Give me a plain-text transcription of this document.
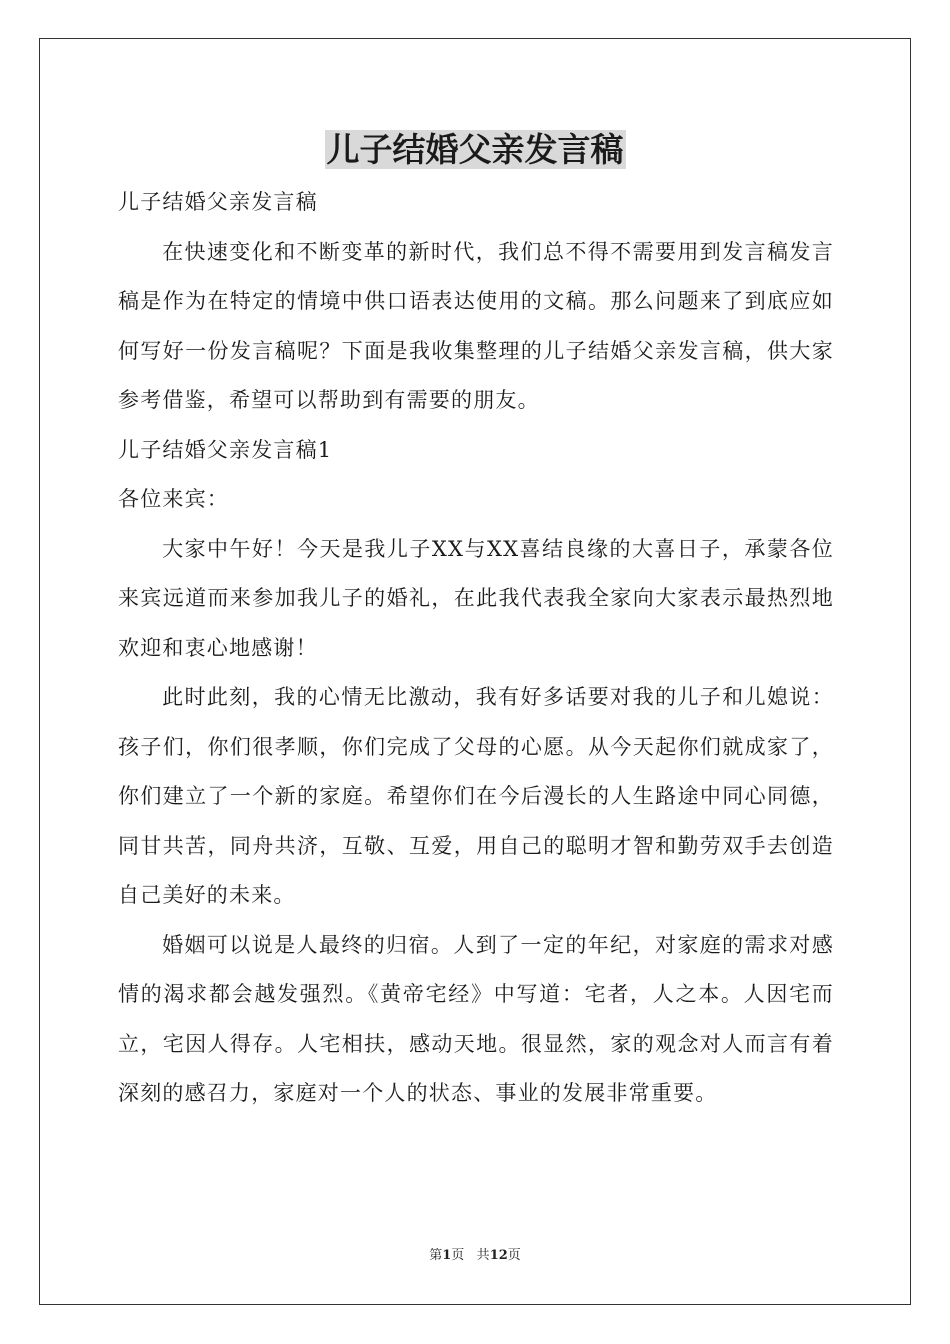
儿子结婚父亲发言稿

儿子结婚父亲发言稿

在快速变化和不断变革的新时代，我们总不得不需要用到发言稿发言稿是作为在特定的情境中供口语表达使用的文稿。那么问题来了到底应如何写好一份发言稿呢？下面是我收集整理的儿子结婚父亲发言稿，供大家参考借鉴，希望可以帮助到有需要的朋友。

儿子结婚父亲发言稿1

各位来宾：

大家中午好！今天是我儿子XX与XX喜结良缘的大喜日子，承蒙各位来宾远道而来参加我儿子的婚礼，在此我代表我全家向大家表示最热烈地欢迎和衷心地感谢！

此时此刻，我的心情无比激动，我有好多话要对我的儿子和儿媳说：孩子们，你们很孝顺，你们完成了父母的心愿。从今天起你们就成家了，你们建立了一个新的家庭。希望你们在今后漫长的人生路途中同心同德，同甘共苦，同舟共济，互敬、互爱，用自己的聪明才智和勤劳双手去创造自己美好的未来。

婚姻可以说是人最终的归宿。人到了一定的年纪，对家庭的需求对感情的渴求都会越发强烈。《黄帝宅经》中写道：宅者，人之本。人因宅而立，宅因人得存。人宅相扶，感动天地。很显然，家的观念对人而言有着深刻的感召力，家庭对一个人的状态、事业的发展非常重要。

第1页 共12页
